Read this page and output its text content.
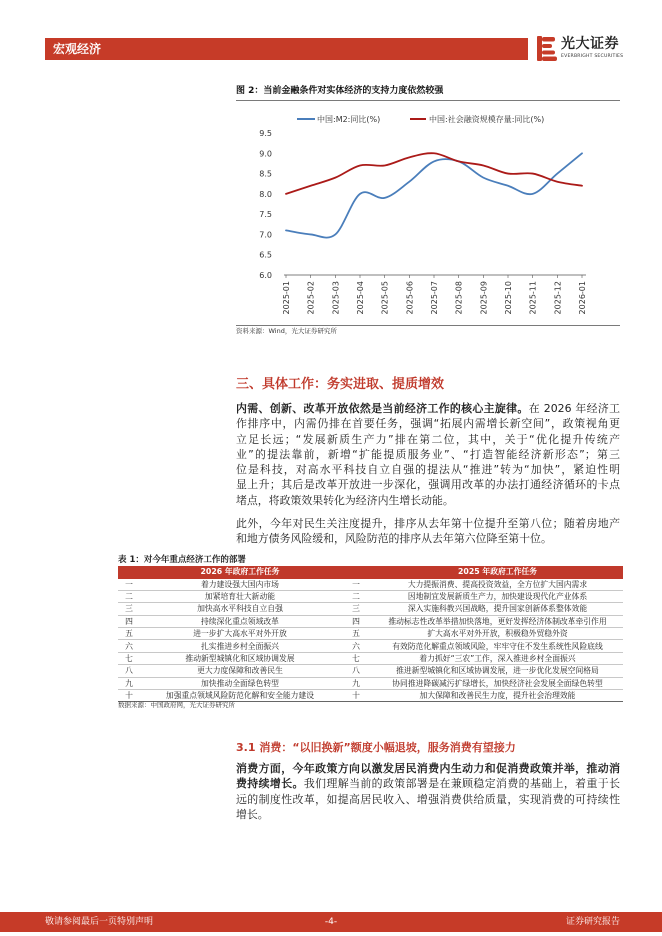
宏观经济	光大证券
EVERBRIGHT SECURITIES
图 2：当前金融条件对实体经济的支持力度依然较强
中国:M2:同比(%)	中国:社会融资规模存量:同比(%)
6.0
6.5
7.0
7.5
8.0
8.5
9.0
9.5
2025-01 2025-02 2025-03 2025-04 2025-05 2025-06 2025-07 2025-08 2025-09 2025-10 2025-11 2025-12 2026-01
资料来源：Wind，光大证券研究所
三、具体工作：务实进取、提质增效
内需、创新、改革开放依然是当前经济工作的核心主旋律。在 2026 年经济工
作排序中，内需仍排在首要任务，强调“拓展内需增长新空间”，政策视角更
立足长远；“发展新质生产力”排在第二位，其中，关于“优化提升传统产
业”的提法靠前，新增“扩能提质服务业”、“打造智能经济新形态”；第三
位是科技，对高水平科技自立自强的提法从“推进”转为“加快”，紧迫性明
显上升；其后是改革开放进一步深化，强调用改革的办法打通经济循环的卡点
堵点，将政策效果转化为经济内生增长动能。
此外，今年对民生关注度提升，排序从去年第十位提升至第八位；随着房地产
和地方债务风险缓和，风险防范的排序从去年第六位降至第十位。
表 1：对今年重点经济工作的部署
	2026 年政府工作任务		2025 年政府工作任务
一	着力建设强大国内市场	一	大力提振消费、提高投资效益，全方位扩大国内需求
二	加紧培育壮大新动能	二	因地制宜发展新质生产力，加快建设现代化产业体系
三	加快高水平科技自立自强	三	深入实施科教兴国战略，提升国家创新体系整体效能
四	持续深化重点领域改革	四	推动标志性改革举措加快落地，更好发挥经济体制改革牵引作用
五	进一步扩大高水平对外开放	五	扩大高水平对外开放，积极稳外贸稳外资
六	扎实推进乡村全面振兴	六	有效防范化解重点领域风险，牢牢守住不发生系统性风险底线
七	推动新型城镇化和区域协调发展	七	着力抓好“三农”工作，深入推进乡村全面振兴
八	更大力度保障和改善民生	八	推进新型城镇化和区域协调发展，进一步优化发展空间格局
九	加快推动全面绿色转型	九	协同推进降碳减污扩绿增长，加快经济社会发展全面绿色转型
十	加强重点领域风险防范化解和安全能力建设	十	加大保障和改善民生力度，提升社会治理效能
数据来源：中国政府网，光大证券研究所
3.1 消费：“以旧换新”额度小幅退坡，服务消费有望接力
消费方面，今年政策方向以激发居民消费内生动力和促消费政策并举，推动消
费持续增长。我们理解当前的政策部署是在兼顾稳定消费的基础上，着重于长
远的制度性改革，如提高居民收入、增强消费供给质量，实现消费的可持续性
增长。
敬请参阅最后一页特别声明	-4-	证券研究报告
